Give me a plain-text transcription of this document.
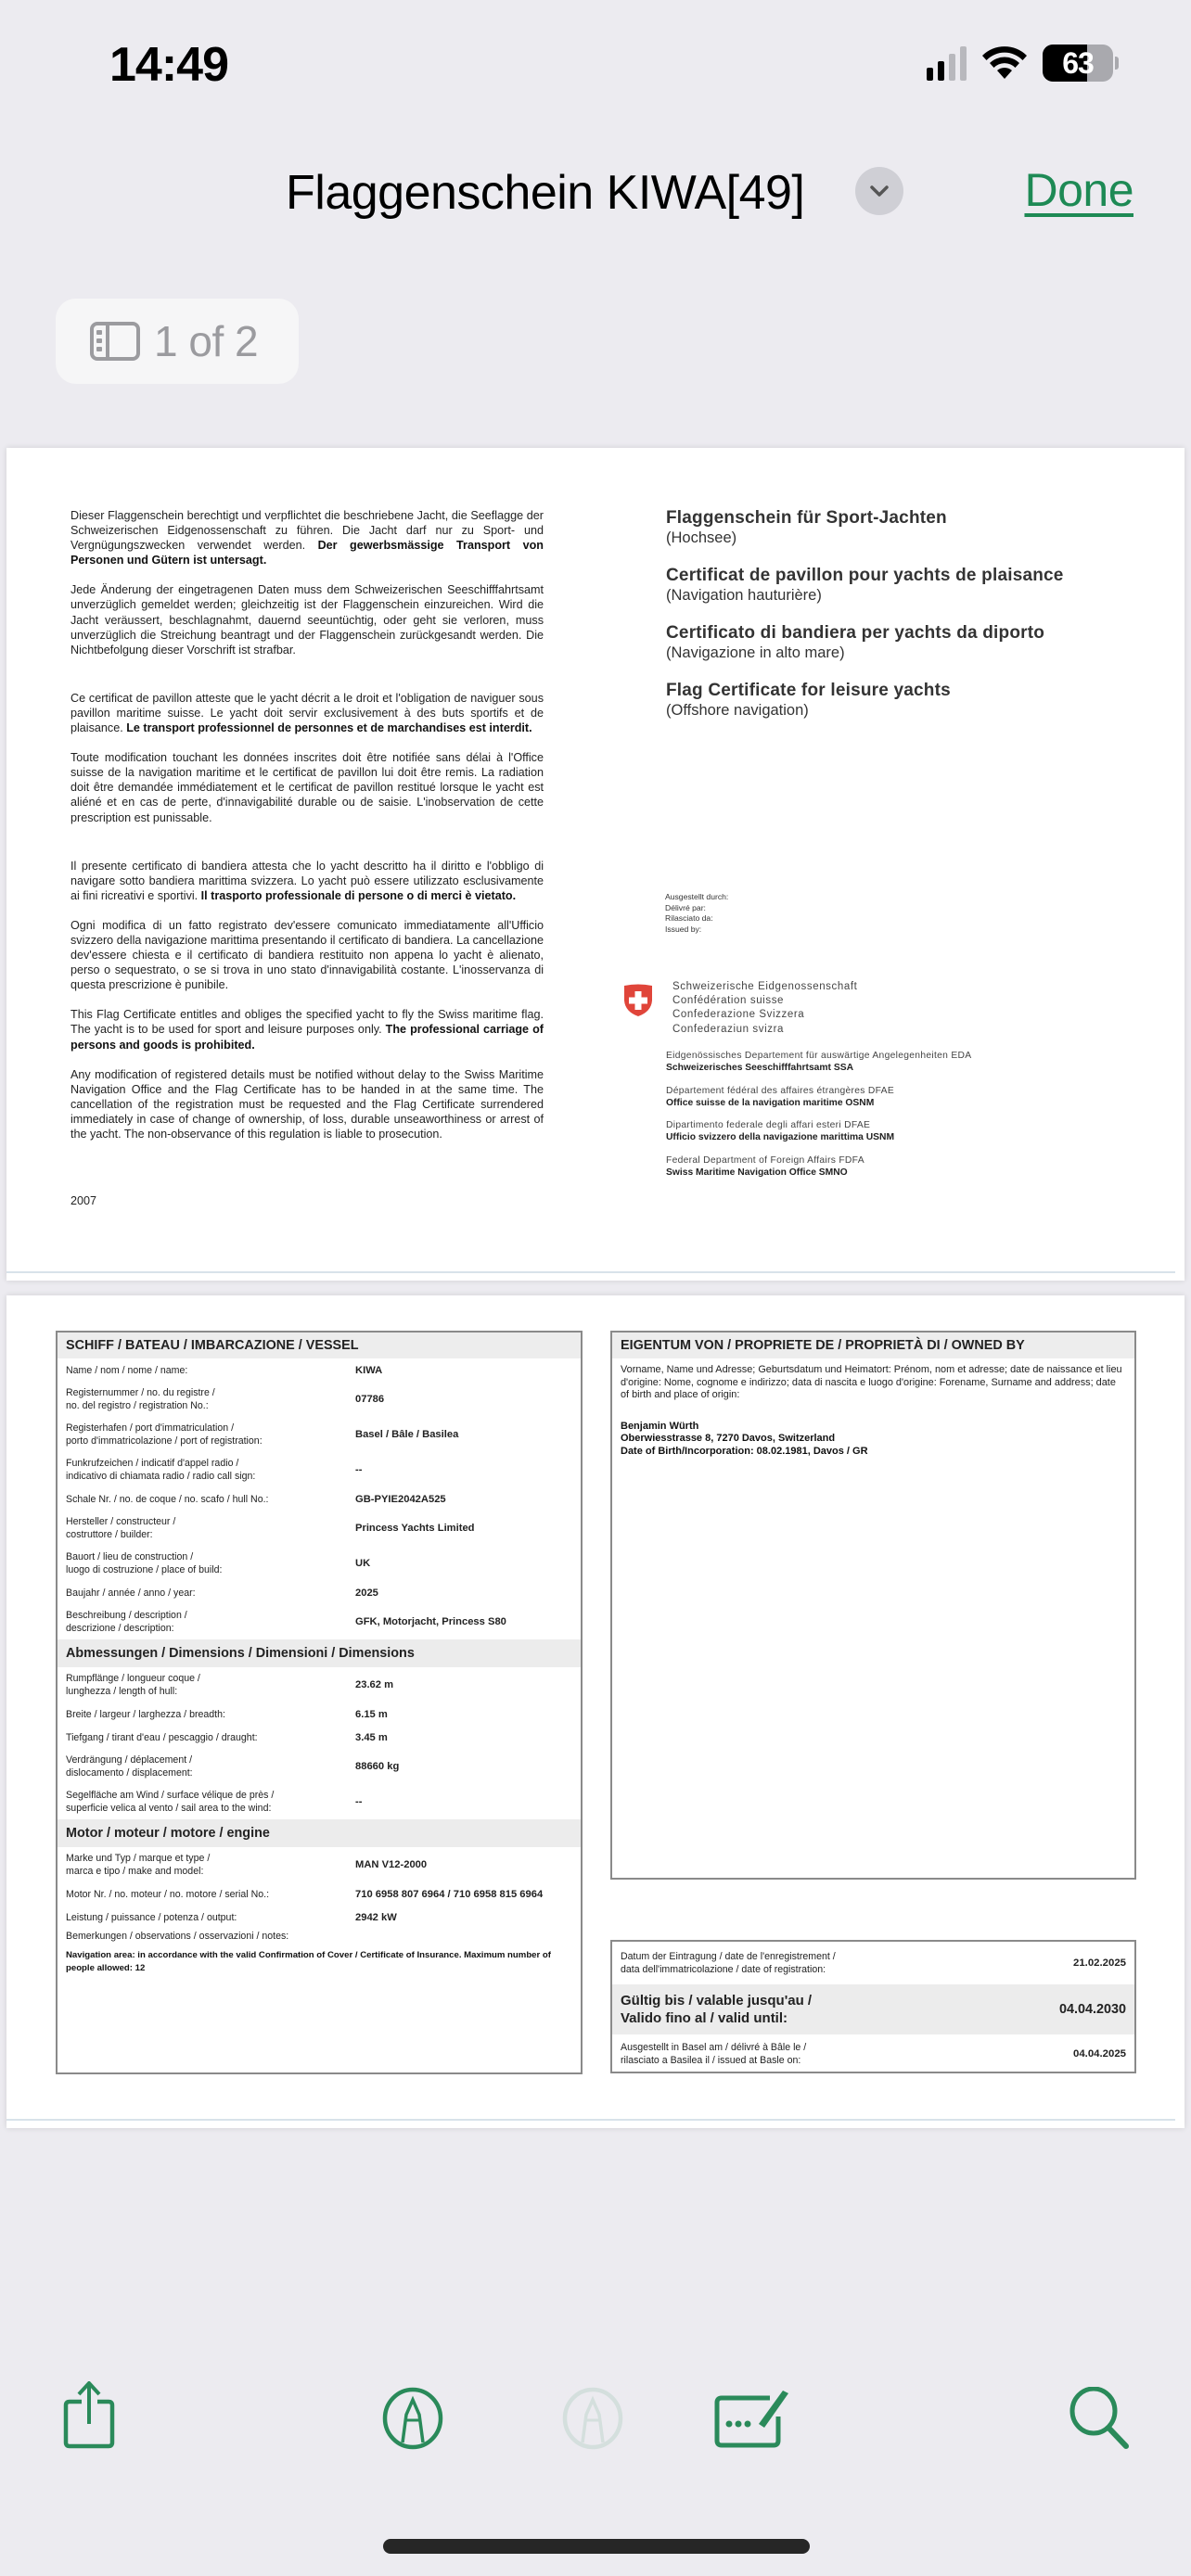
14:49	63
Flaggenschein KIWA[49]	Done
1 of 2

Dieser Flaggenschein berechtigt und verpflichtet die beschriebene Jacht, die Seeflagge der Schweizerischen Eidgenossenschaft zu führen. Die Jacht darf nur zu Sport- und Vergnügungszwecken verwendet werden. Der gewerbsmässige Transport von Personen und Gütern ist untersagt.

Jede Änderung der eingetragenen Daten muss dem Schweizerischen Seeschifffahrtsamt unverzüglich gemeldet werden; gleichzeitig ist der Flaggenschein einzureichen. Wird die Jacht veräussert, beschlagnahmt, dauernd seeuntüchtig, oder geht sie verloren, muss unverzüglich die Streichung beantragt und der Flaggenschein zurückgesandt werden. Die Nichtbefolgung dieser Vorschrift ist strafbar.

Ce certificat de pavillon atteste que le yacht décrit a le droit et l'obligation de naviguer sous pavillon maritime suisse. Le yacht doit servir exclusivement à des buts sportifs et de plaisance. Le transport professionnel de personnes et de marchandises est interdit.

Toute modification touchant les données inscrites doit être notifiée sans délai à l'Office suisse de la navigation maritime et le certificat de pavillon lui doit être remis. La radiation doit être demandée immédiatement et le certificat de pavillon restitué lorsque le yacht est aliéné et en cas de perte, d'innavigabilité durable ou de saisie. L'inobservation de cette prescription est punissable.

Il presente certificato di bandiera attesta che lo yacht descritto ha il diritto e l'obbligo di navigare sotto bandiera marittima svizzera. Lo yacht può essere utilizzato esclusivamente ai fini ricreativi e sportivi. Il trasporto professionale di persone o di merci è vietato.

Ogni modifica di un fatto registrato dev'essere comunicato immediatamente all'Ufficio svizzero della navigazione marittima presentando il certificato di bandiera. La cancellazione dev'essere chiesta e il certificato di bandiera restituito non appena lo yacht è alienato, perso o sequestrato, o se si trova in uno stato d'innavigabilità costante. L'inosservanza di questa prescrizione è punibile.

This Flag Certificate entitles and obliges the specified yacht to fly the Swiss maritime flag. The yacht is to be used for sport and leisure purposes only. The professional carriage of persons and goods is prohibited.

Any modification of registered details must be notified without delay to the Swiss Maritime Navigation Office and the Flag Certificate has to be handed in at the same time. The cancellation of the registration must be requested and the Flag Certificate surrendered immediately in case of change of ownership, of loss, durable unseaworthiness or arrest of the yacht. The non-observance of this regulation is liable to prosecution.

2007
Flaggenschein für Sport-Jachten
(Hochsee)
Certificat de pavillon pour yachts de plaisance
(Navigation hauturière)
Certificato di bandiera per yachts da diporto
(Navigazione in alto mare)
Flag Certificate for leisure yachts
(Offshore navigation)
Ausgestellt durch:
Délivré par:
Rilasciato da:
Issued by:
Schweizerische Eidgenossenschaft
Confédération suisse
Confederazione Svizzera
Confederaziun svizra
Eidgenössisches Departement für auswärtige Angelegenheiten EDA
Schweizerisches Seeschifffahrtsamt SSA
Département fédéral des affaires étrangères DFAE
Office suisse de la navigation maritime OSNM
Dipartimento federale degli affari esteri DFAE
Ufficio svizzero della navigazione marittima USNM
Federal Department of Foreign Affairs FDFA
Swiss Maritime Navigation Office SMNO
SCHIFF / BATEAU / IMBARCAZIONE / VESSEL
Name / nom / nome / name:	KIWA
Registernummer / no. du registre /
no. del registro / registration No.:
07786
Registerhafen / port d'immatriculation /
porto d'immatricolazione / port of registration:
Basel / Bâle / Basilea
Funkrufzeichen / indicatif d'appel radio /
indicativo di chiamata radio / radio call sign:
--
Schale Nr. / no. de coque / no. scafo / hull No.:	GB-PYIE2042A525
Hersteller / constructeur /
costruttore / builder:
Princess Yachts Limited
Bauort / lieu de construction /
luogo di costruzione / place of build:
UK
Baujahr / année / anno / year:	2025
Beschreibung / description /
descrizione / description:
GFK, Motorjacht, Princess S80
Abmessungen / Dimensions / Dimensioni / Dimensions
Rumpflänge / longueur coque /
lunghezza / length of hull:
23.62 m
Breite / largeur / larghezza / breadth:	6.15 m
Tiefgang / tirant d'eau / pescaggio / draught:	3.45 m
Verdrängung / déplacement /
dislocamento / displacement:
88660 kg
Segelfläche am Wind / surface vélique de près /
superficie velica al vento / sail area to the wind:
--
Motor / moteur / motore / engine
Marke und Typ / marque et type /
marca e tipo / make and model:
MAN V12-2000
Motor Nr. / no. moteur / no. motore / serial No.:	710 6958 807 6964 / 710 6958 815 6964
Leistung / puissance / potenza / output:	2942 kW
Bemerkungen / observations / osservazioni / notes:
Navigation area: in accordance with the valid Confirmation of Cover / Certificate of Insurance. Maximum number of people allowed: 12
EIGENTUM VON / PROPRIETE DE / PROPRIETÀ DI / OWNED BY
Vorname, Name und Adresse; Geburtsdatum und Heimatort: Prénom, nom et adresse; date de naissance et lieu d'origine: Nome, cognome e indirizzo; data di nascita e luogo d'origine: Forename, Surname and address; date of birth and place of origin:
Benjamin Würth
Oberwiesstrasse 8, 7270 Davos, Switzerland
Date of Birth/Incorporation: 08.02.1981, Davos / GR
Datum der Eintragung / date de l'enregistrement /
data dell'immatricolazione / date of registration:
21.02.2025
Gültig bis / valable jusqu'au /
Valido fino al / valid until:
04.04.2030
Ausgestellt in Basel am / délivré à Bâle le /
rilasciato a Basilea il / issued at Basle on:
04.04.2025
